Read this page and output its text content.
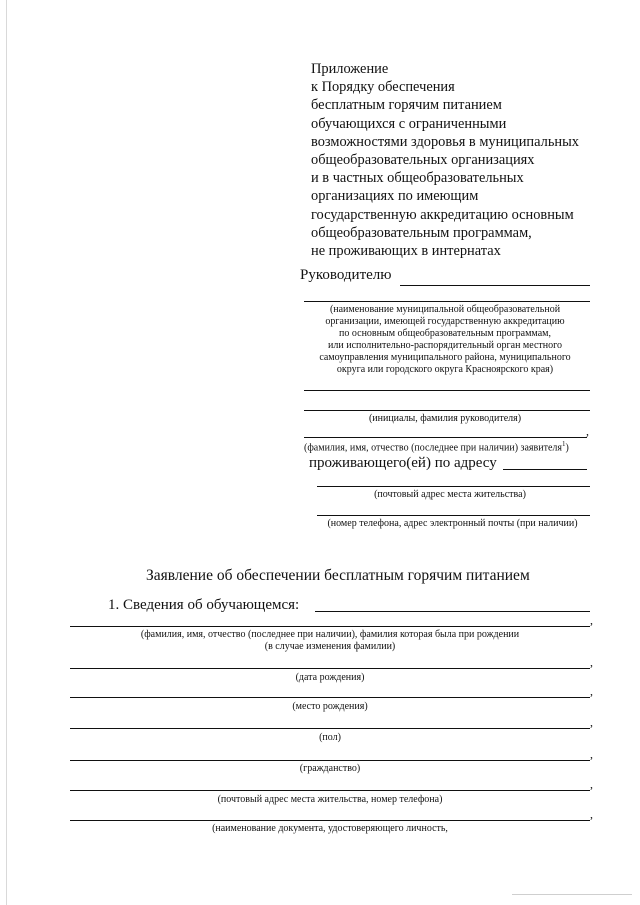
Приложение
к Порядку обеспечения
бесплатным горячим питанием
обучающихся с ограниченными
возможностями здоровья в муниципальных
общеобразовательных организациях
и в частных общеобразовательных
организациях по имеющим
государственную аккредитацию основным
общеобразовательным программам,
не проживающих в интернатах
Руководителю
(наименование муниципальной общеобразовательной
организации, имеющей государственную аккредитацию
по основным общеобразовательным программам,
или исполнительно-распорядительный орган местного
самоуправления муниципального района, муниципального
округа или городского округа Красноярского края)
(инициалы, фамилия руководителя)
,
(фамилия, имя, отчество (последнее при наличии) заявителя$^1$)
проживающего(ей) по адресу
(почтовый адрес места жительства)
(номер телефона, адрес электронный почты (при наличии)
Заявление об обеспечении бесплатным горячим питанием
1. Сведения об обучающемся:
,
(фамилия, имя, отчество (последнее при наличии), фамилия которая была при рождении
(в случае изменения фамилии)
,
(дата рождения)
,
(место рождения)
,
(пол)
,
(гражданство)
,
(почтовый адрес места жительства, номер телефона)
,
(наименование документа, удостоверяющего личность,
